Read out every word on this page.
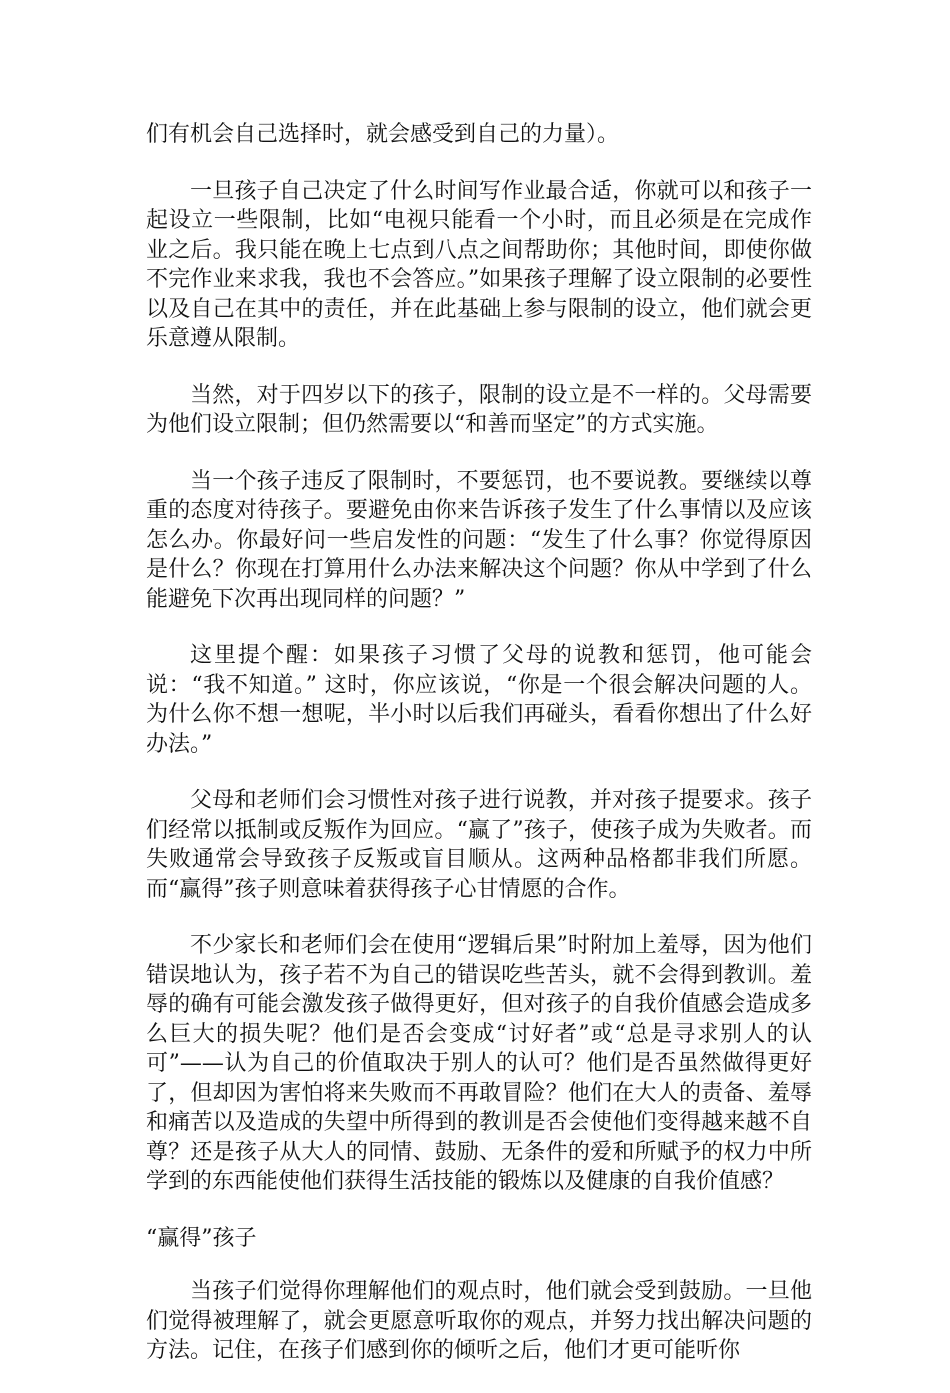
们有机会自己选择时，就会感受到自己的力量）。

一旦孩子自己决定了什么时间写作业最合适，你就可以和孩子一起设立一些限制，比如“电视只能看一个小时，而且必须是在完成作业之后。我只能在晚上七点到八点之间帮助你；其他时间，即使你做不完作业来求我，我也不会答应。”如果孩子理解了设立限制的必要性以及自己在其中的责任，并在此基础上参与限制的设立，他们就会更乐意遵从限制。

当然，对于四岁以下的孩子，限制的设立是不一样的。父母需要为他们设立限制；但仍然需要以“和善而坚定”的方式实施。

当一个孩子违反了限制时，不要惩罚，也不要说教。要继续以尊重的态度对待孩子。要避免由你来告诉孩子发生了什么事情以及应该怎么办。你最好问一些启发性的问题：“发生了什么事？你觉得原因是什么？你现在打算用什么办法来解决这个问题？你从中学到了什么能避免下次再出现同样的问题？”

这里提个醒：如果孩子习惯了父母的说教和惩罚，他可能会说：“我不知道。” 这时，你应该说，“你是一个很会解决问题的人。为什么你不想一想呢，半小时以后我们再碰头，看看你想出了什么好办法。”

父母和老师们会习惯性对孩子进行说教，并对孩子提要求。孩子们经常以抵制或反叛作为回应。“赢了”孩子，使孩子成为失败者。而失败通常会导致孩子反叛或盲目顺从。这两种品格都非我们所愿。而“赢得”孩子则意味着获得孩子心甘情愿的合作。

不少家长和老师们会在使用“逻辑后果”时附加上羞辱，因为他们错误地认为，孩子若不为自己的错误吃些苦头，就不会得到教训。羞辱的确有可能会激发孩子做得更好，但对孩子的自我价值感会造成多么巨大的损失呢？他们是否会变成“讨好者”或“总是寻求别人的认可”——认为自己的价值取决于别人的认可？他们是否虽然做得更好了，但却因为害怕将来失败而不再敢冒险？他们在大人的责备、羞辱和痛苦以及造成的失望中所得到的教训是否会使他们变得越来越不自尊？还是孩子从大人的同情、鼓励、无条件的爱和所赋予的权力中所学到的东西能使他们获得生活技能的锻炼以及健康的自我价值感？

“赢得”孩子

当孩子们觉得你理解他们的观点时，他们就会受到鼓励。一旦他们觉得被理解了，就会更愿意听取你的观点，并努力找出解决问题的方法。记住，在孩子们感到你的倾听之后，他们才更可能听你
